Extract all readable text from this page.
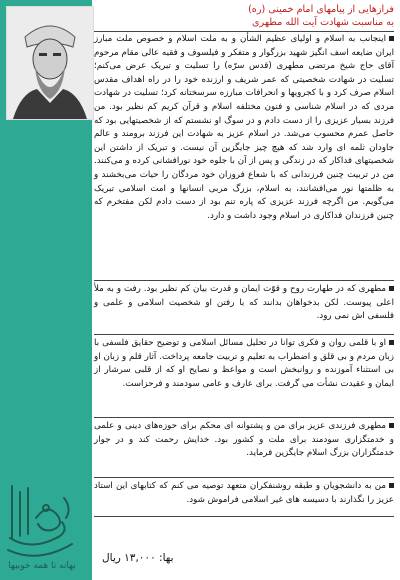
فرازهایی از پیامهای امام خمینی (ره)
به مناسبت شهادت آیت الله مطهری
اینجانب به اسلام و اولیای عظیم الشأن و به ملت اسلام و خصوص ملت مبارز ایران ضایعه اسف انگیز شهید بزرگوار و متفکر و فیلسوف و فقیه عالی مقام مرحوم آقای حاج شیخ مرتضی مطهری (قدس سرّه) را تسلیت و تبریک عرض می‌کنم؛ تسلیت در شهادت شخصیتی که عمر شریف و ارزنده خود را در راه اهداف مقدس اسلام صرف کرد و با کجرویها و انحرافات مبارزه سرسختانه کرد؛ تسلیت در شهادت مردی که در اسلام شناسی و فنون مختلفه اسلام و قرآن کریم کم نظیر بود. من فرزند بسیار عزیزی را از دست دادم و در سوگ او نشستم که از شخصیتهایی بود که حاصل عمرم محسوب می‌شد. در اسلام عزیز به شهادت این فرزند برومند و عالم جاودان ثلمه ای وارد شد که هیچ چیز جایگزین آن نیست. و تبریک از داشتن این شخصیتهای فداکار که در زندگی و پس از آن با جلوه خود نورافشانی کرده و می‌کنند. من در تربیت چنین فرزندانی که با شعاع فروزان خود مردگان را حیات می‌بخشند و به ظلمتها نور می‌افشانند، به اسلام، بزرگ مربی انسانها و امت اسلامی تبریک می‌گویم. من اگرچه فرزند عزیزی که پاره تنم بود از دست دادم لکن مفتخرم که چنین فرزندان فداکاری در اسلام وجود داشت و دارد.
مطهری که در طهارت روح و قوّت ایمان و قدرت بیان کم نظیر بود. رفت و به ملأ اعلی پیوست. لکن بدخواهان بدانند که با رفتن او شخصیت اسلامی و علمی و فلسفی اش نمی رود.
او با قلمی روان و فکری توانا در تحلیل مسائل اسلامی و توضیح حقایق فلسفی با زبان مردم و بی قلق و اضطراب به تعلیم و تربیت جامعه پرداخت. آثار قلم و زبان او بی استثناء آموزنده و روانبخش است و مواعظ و نصایح او که از قلبی سرشار از ایمان و عقیدت نشأت می گرفت. برای عارف و عامی سودمند و فرحزاست.
مطهری فرزندی عزیز برای من و پشتوانه ای محکم برای حوزه‌های دینی و علمی و خدمتگزاری سودمند برای ملت و کشور بود. خدایش رحمت کند و در جوار خدمتگزاران بزرگ اسلام جایگزین فرماید.
من به دانشجویان و طبقه روشنفکران متعهد توصیه می کنم که کتابهای این استاد عزیز را نگذارند با دسیسه های غیر اسلامی فراموش شود.
بهانه تا همه خوبیها
بها: ۱۳,۰۰۰ ریال
